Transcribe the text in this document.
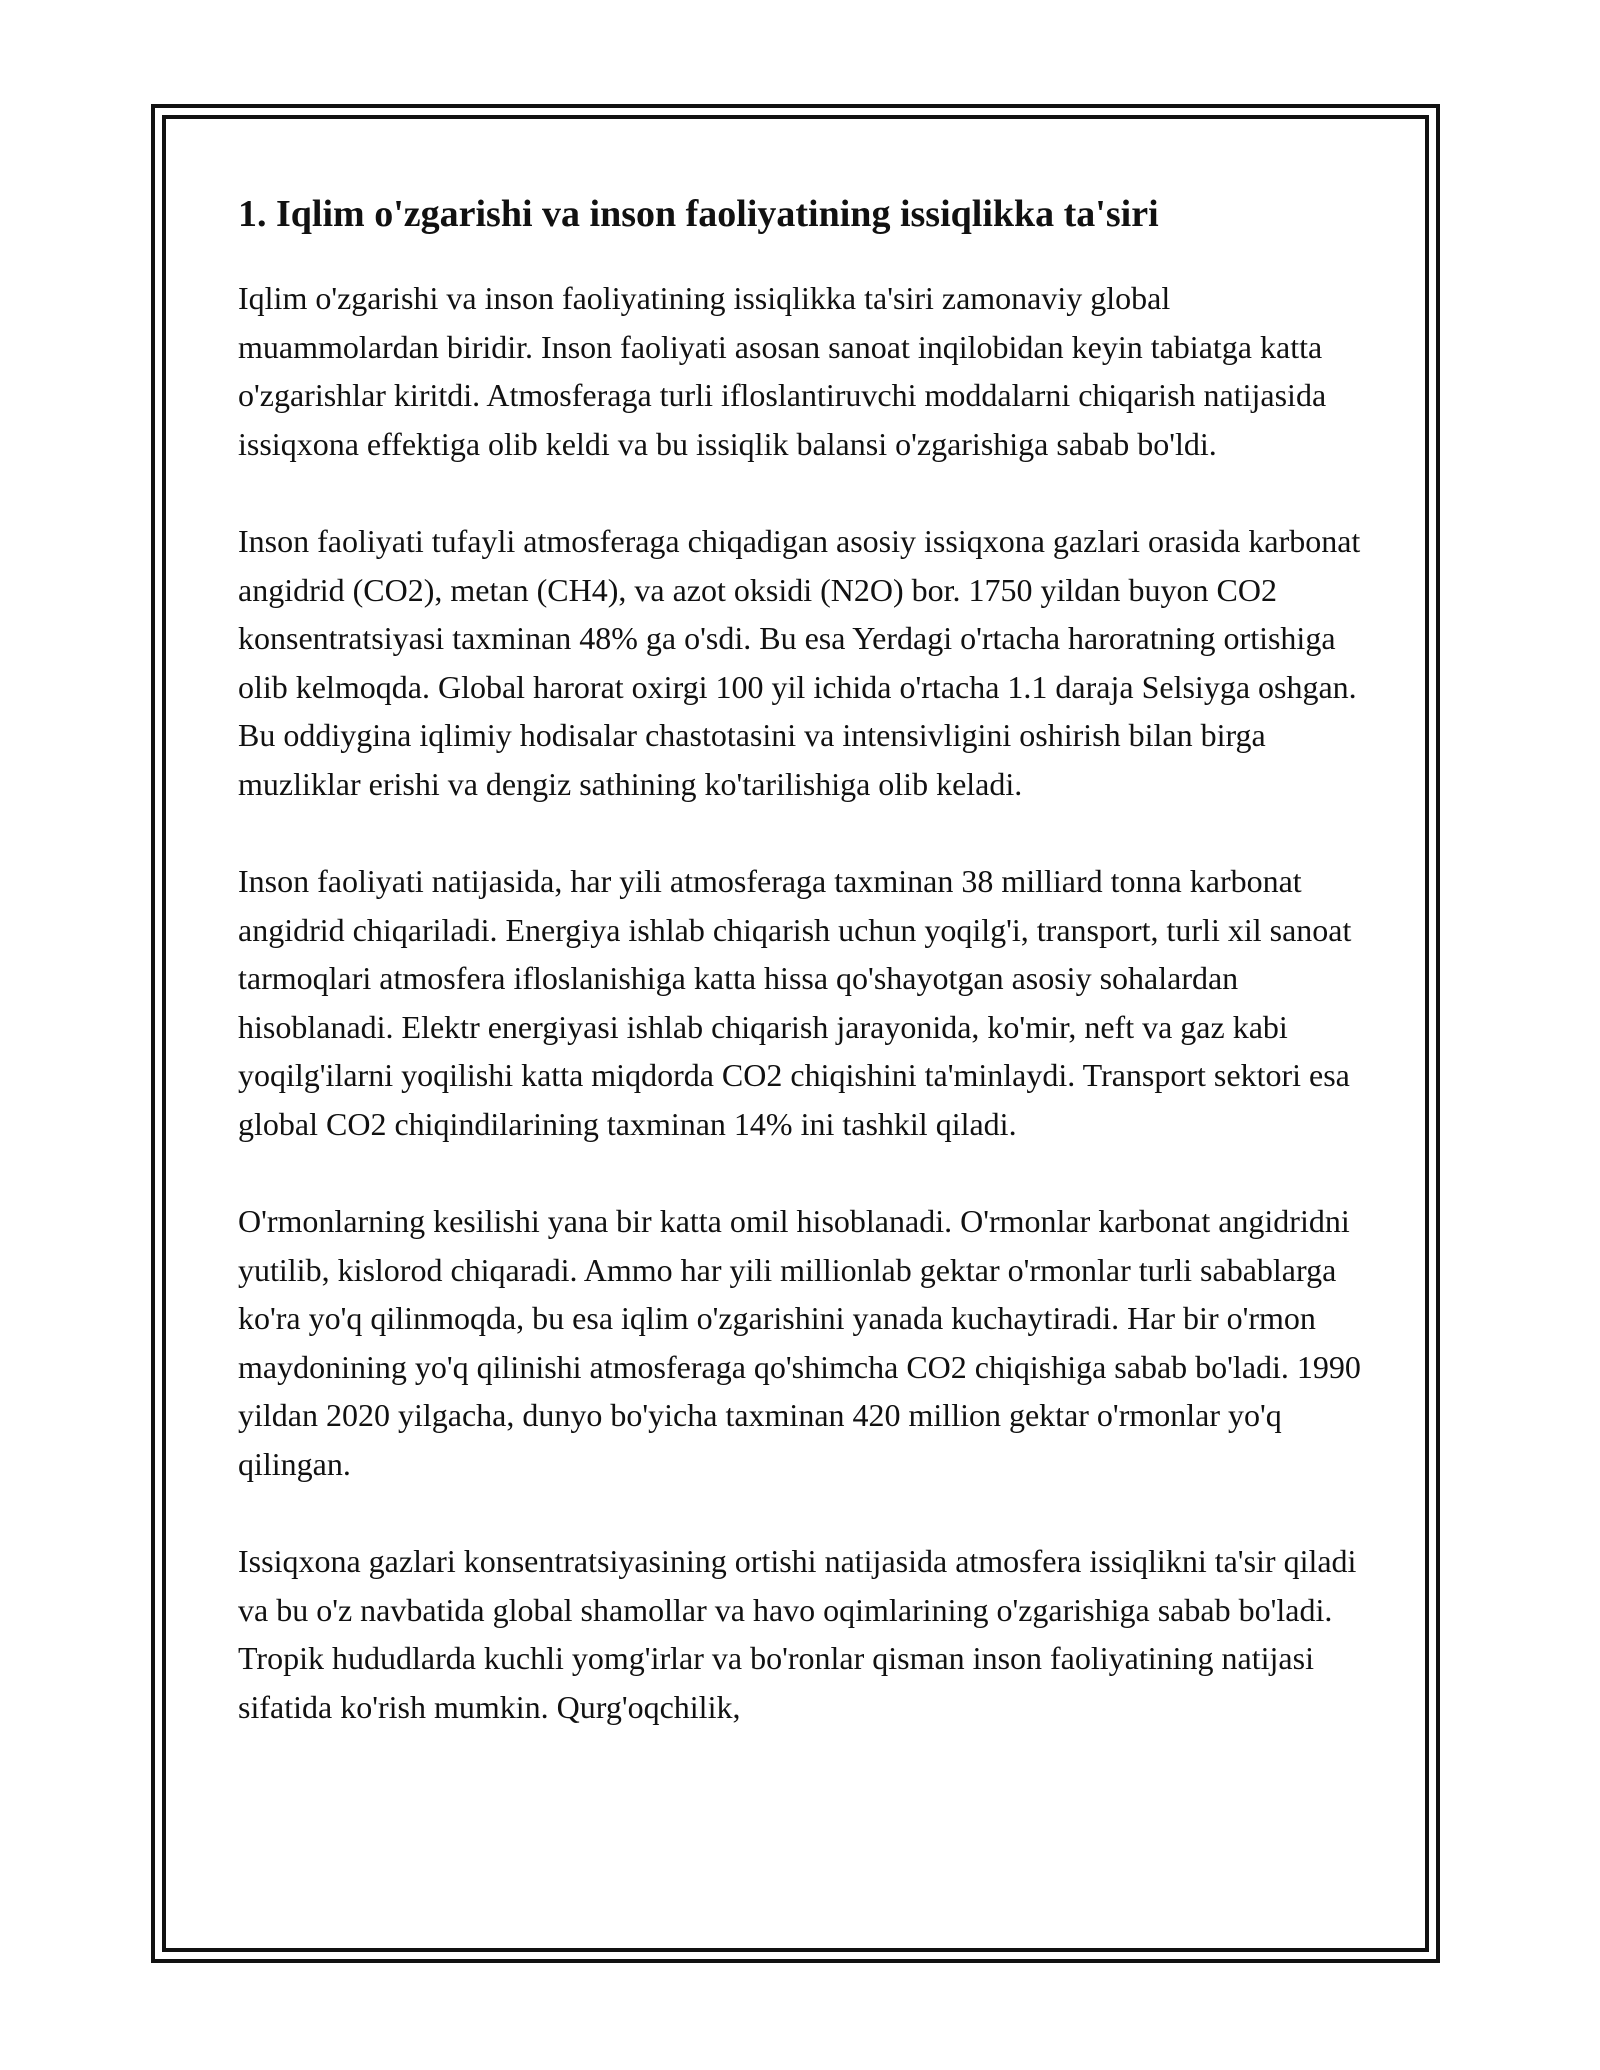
1. Iqlim o'zgarishi va inson faoliyatining issiqlikka ta'siri

Iqlim o'zgarishi va inson faoliyatining issiqlikka ta'siri zamonaviy global muammolardan biridir. Inson faoliyati asosan sanoat inqilobidan keyin tabiatga katta o'zgarishlar kiritdi. Atmosferaga turli ifloslantiruvchi moddalarni chiqarish natijasida issiqxona effektiga olib keldi va bu issiqlik balansi o'zgarishiga sabab bo'ldi.

Inson faoliyati tufayli atmosferaga chiqadigan asosiy issiqxona gazlari orasida karbonat angidrid (CO2), metan (CH4), va azot oksidi (N2O) bor. 1750 yildan buyon CO2 konsentratsiyasi taxminan 48% ga o'sdi. Bu esa Yerdagi o'rtacha haroratning ortishiga olib kelmoqda. Global harorat oxirgi 100 yil ichida o'rtacha 1.1 daraja Selsiyga oshgan. Bu oddiygina iqlimiy hodisalar chastotasini va intensivligini oshirish bilan birga muzliklar erishi va dengiz sathining ko'tarilishiga olib keladi.

Inson faoliyati natijasida, har yili atmosferaga taxminan 38 milliard tonna karbonat angidrid chiqariladi. Energiya ishlab chiqarish uchun yoqilg'i, transport, turli xil sanoat tarmoqlari atmosfera ifloslanishiga katta hissa qo'shayotgan asosiy sohalardan hisoblanadi. Elektr energiyasi ishlab chiqarish jarayonida, ko'mir, neft va gaz kabi yoqilg'ilarni yoqilishi katta miqdorda CO2 chiqishini ta'minlaydi. Transport sektori esa global CO2 chiqindilarining taxminan 14% ini tashkil qiladi.

O'rmonlarning kesilishi yana bir katta omil hisoblanadi. O'rmonlar karbonat angidridni yutilib, kislorod chiqaradi. Ammo har yili millionlab gektar o'rmonlar turli sabablarga ko'ra yo'q qilinmoqda, bu esa iqlim o'zgarishini yanada kuchaytiradi. Har bir o'rmon maydonining yo'q qilinishi atmosferaga qo'shimcha CO2 chiqishiga sabab bo'ladi. 1990 yildan 2020 yilgacha, dunyo bo'yicha taxminan 420 million gektar o'rmonlar yo'q qilingan.

Issiqxona gazlari konsentratsiyasining ortishi natijasida atmosfera issiqlikni ta'sir qiladi va bu o'z navbatida global shamollar va havo oqimlarining o'zgarishiga sabab bo'ladi. Tropik hududlarda kuchli yomg'irlar va bo'ronlar qisman inson faoliyatining natijasi sifatida ko'rish mumkin. Qurg'oqchilik,
